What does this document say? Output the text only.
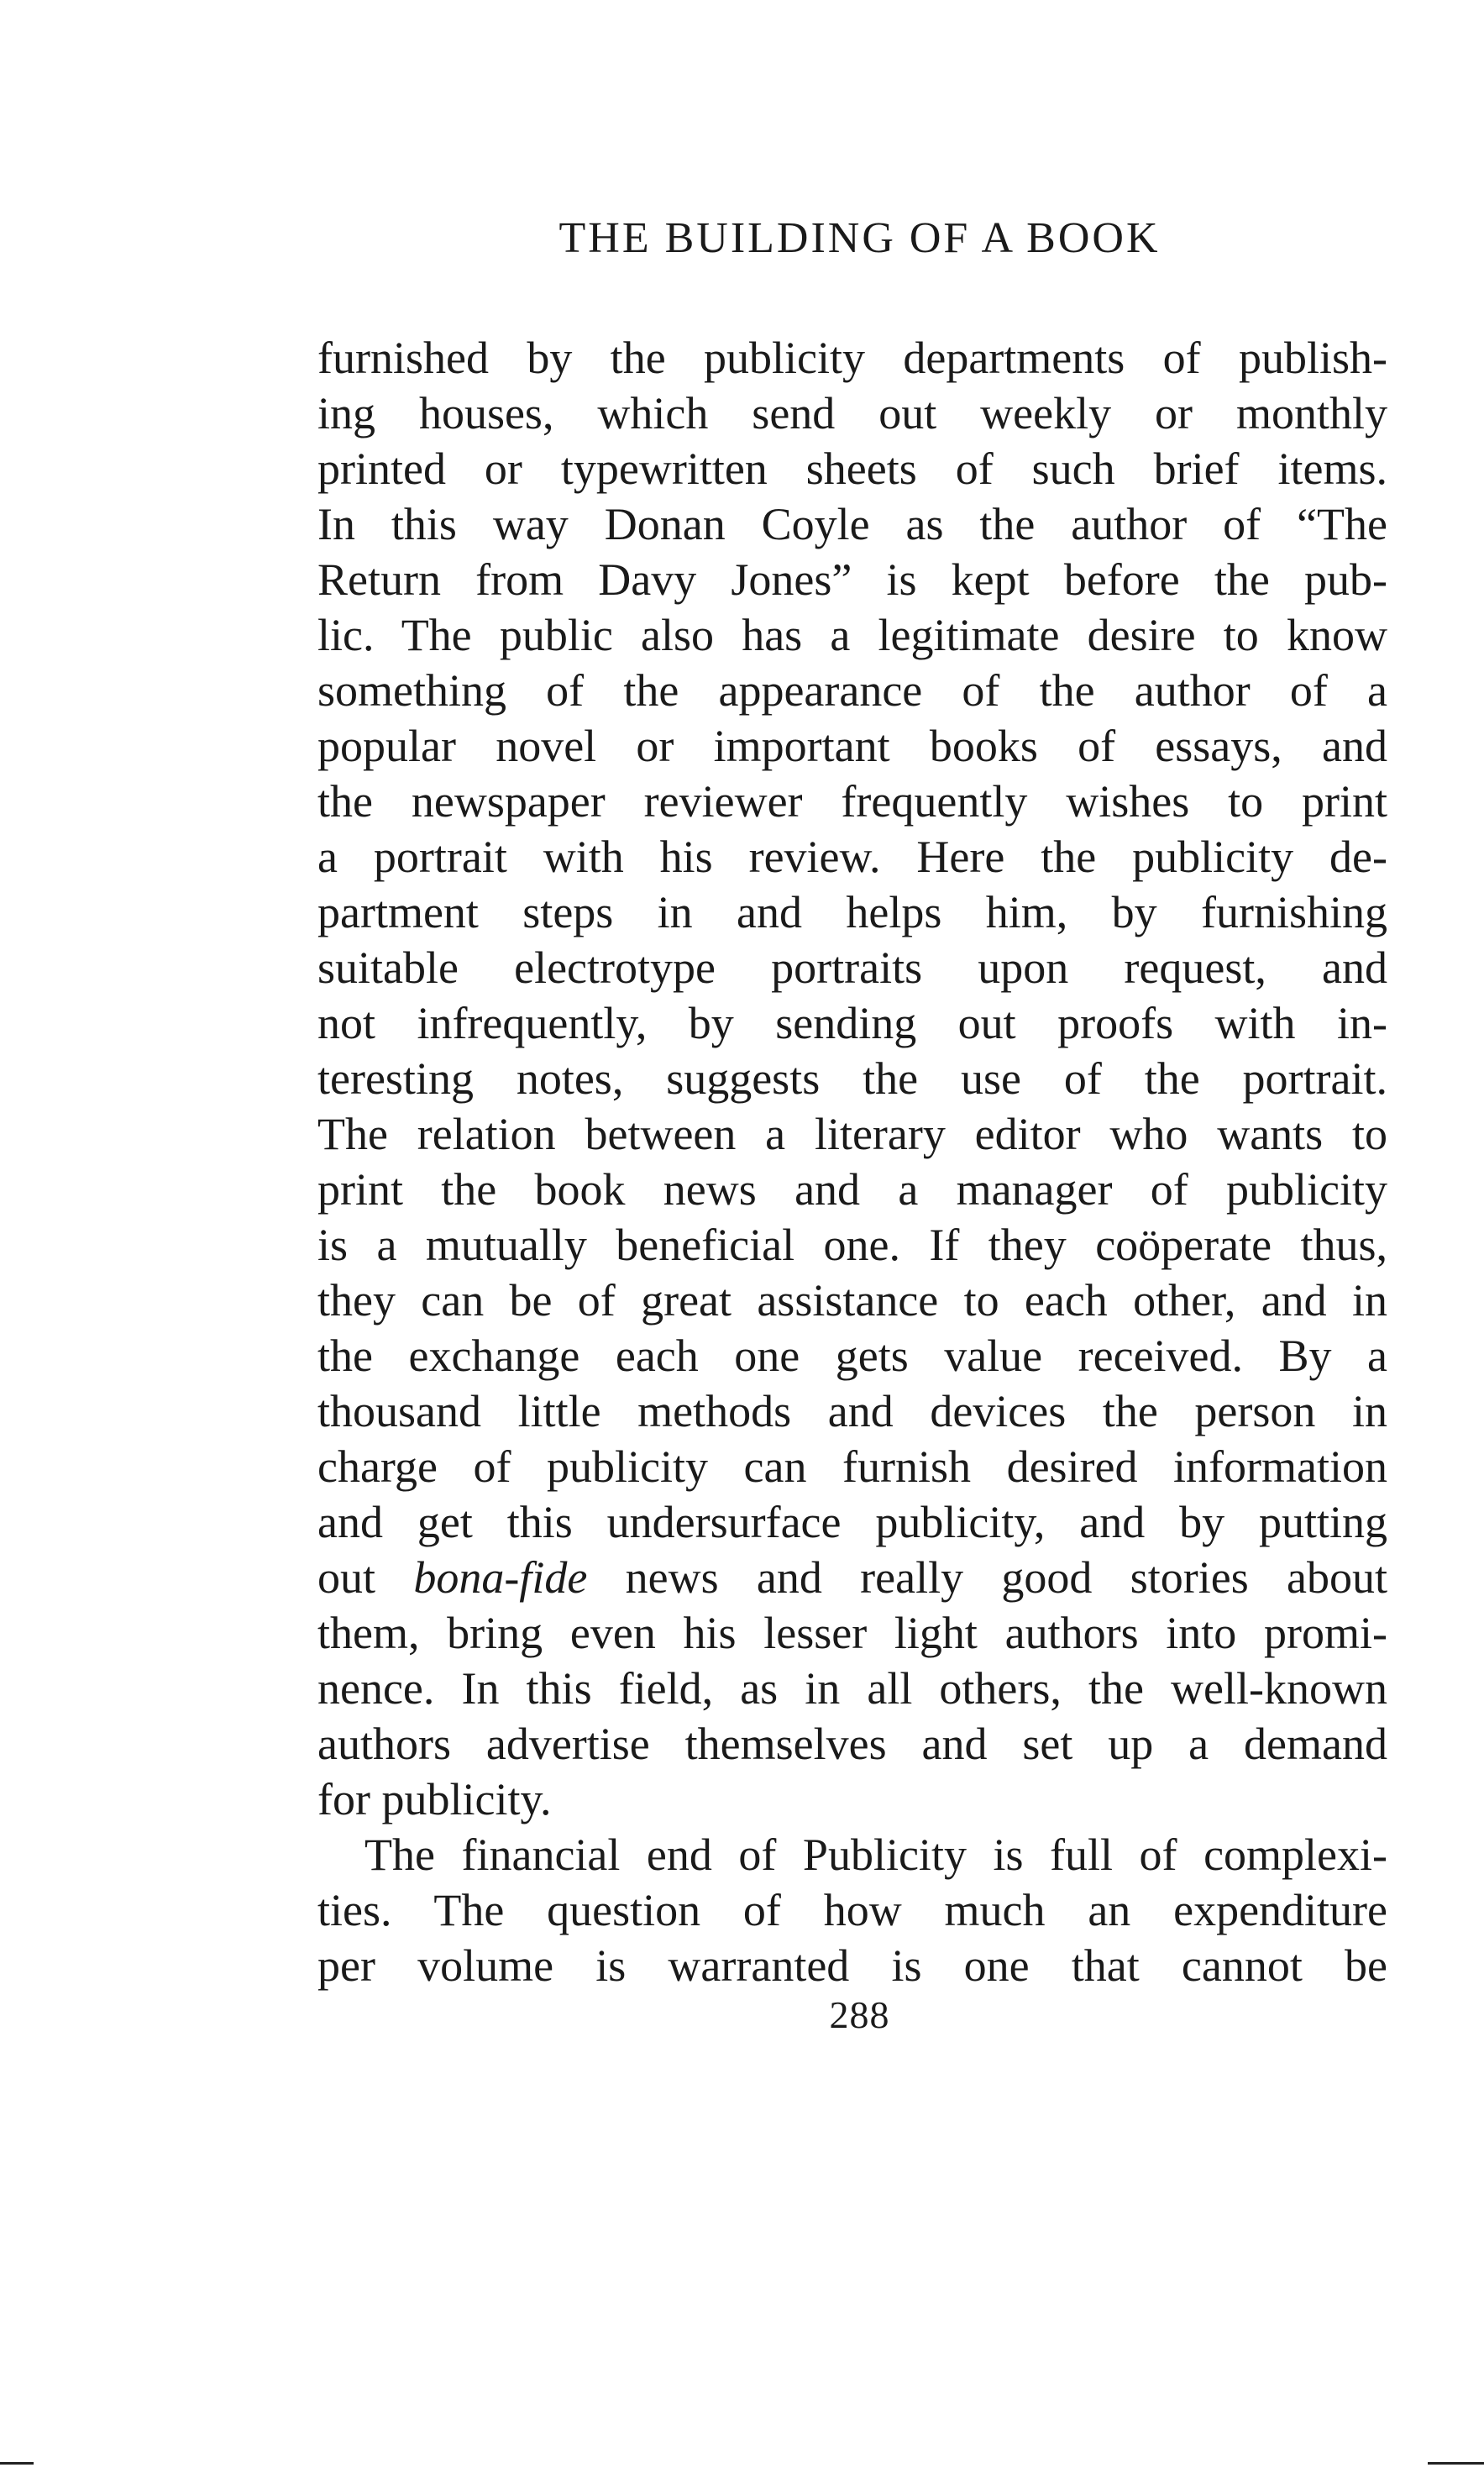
THE BUILDING OF A BOOK
furnished by the publicity departments of publish-
ing houses, which send out weekly or monthly
printed or typewritten sheets of such brief items.
In this way Donan Coyle as the author of “The
Return from Davy Jones” is kept before the pub-
lic. The public also has a legitimate desire to know
something of the appearance of the author of a
popular novel or important books of essays, and
the newspaper reviewer frequently wishes to print
a portrait with his review. Here the publicity de-
partment steps in and helps him, by furnishing
suitable electrotype portraits upon request, and
not infrequently, by sending out proofs with in-
teresting notes, suggests the use of the portrait.
The relation between a literary editor who wants to
print the book news and a manager of publicity
is a mutually beneficial one. If they coöperate thus,
they can be of great assistance to each other, and in
the exchange each one gets value received. By a
thousand little methods and devices the person in
charge of publicity can furnish desired information
and get this undersurface publicity, and by putting
out bona-fide news and really good stories about
them, bring even his lesser light authors into promi-
nence. In this field, as in all others, the well-known
authors advertise themselves and set up a demand
for publicity.
The financial end of Publicity is full of complexi-
ties. The question of how much an expenditure
per volume is warranted is one that cannot be
288
